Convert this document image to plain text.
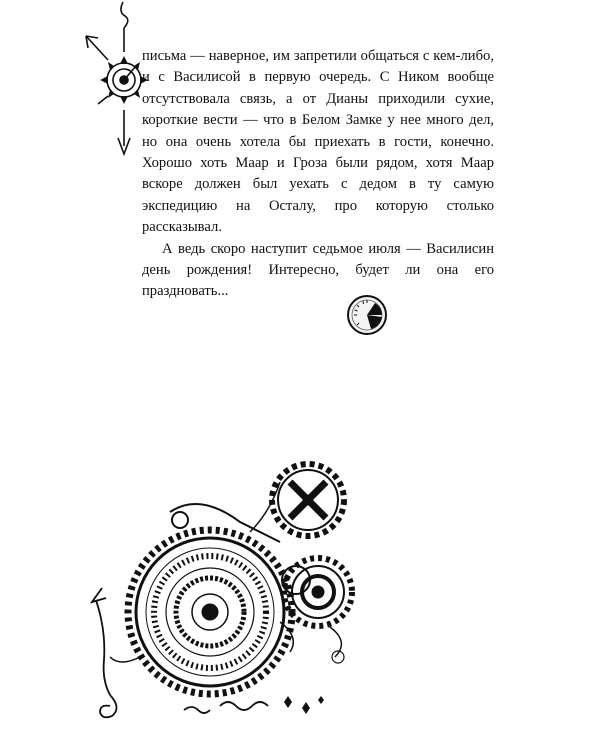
письма — наверное, им запретили общаться с кем-либо, и с Василисой в первую очередь. С Ником вообще отсутствовала связь, а от Дианы приходили сухие, короткие вести — что в Белом Замке у нее много дел, но она очень хотела бы приехать в гости, конечно. Хорошо хоть Маар и Гроза были рядом, хотя Маар вскоре должен был уехать с дедом в ту самую экспедицию на Осталу, про которую столько рассказывал.

А ведь скоро наступит седьмое июля — Василисин день рождения! Интересно, будет ли она его праздновать...
